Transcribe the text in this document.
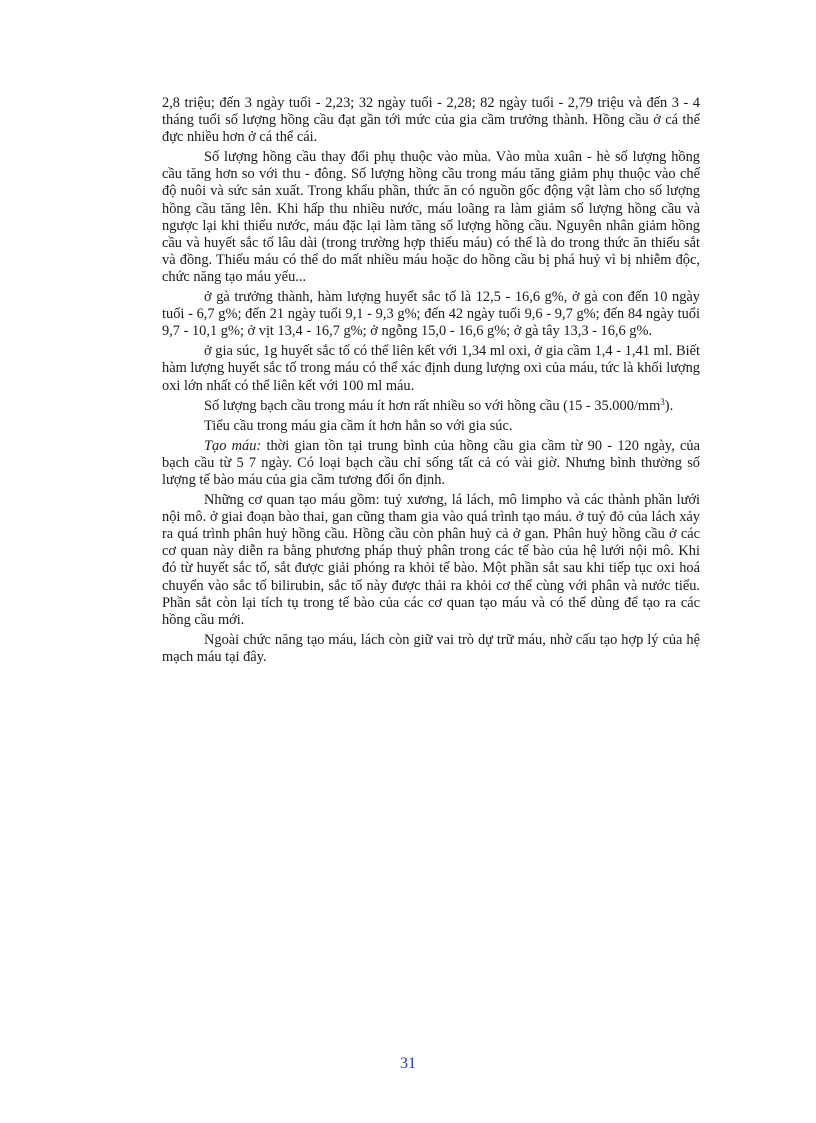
2,8 triệu; đến 3 ngày tuổi - 2,23; 32 ngày tuổi - 2,28; 82 ngày tuổi - 2,79 triệu và đến 3 - 4 tháng tuổi số lượng hồng cầu đạt gần tới mức của gia cầm trưởng thành. Hồng cầu ở cá thể đực nhiều hơn ở cá thể cái.

Số lượng hồng cầu thay đổi phụ thuộc vào mùa. Vào mùa xuân - hè số lượng hồng cầu tăng hơn so với thu - đông. Số lượng hồng cầu trong máu tăng giảm phụ thuộc vào chế độ nuôi và sức sản xuất. Trong khẩu phần, thức ăn có nguồn gốc động vật làm cho số lượng hồng cầu tăng lên. Khi hấp thu nhiều nước, máu loãng ra làm giảm số lượng hồng cầu và ngược lại khi thiếu nước, máu đặc lại làm tăng số lượng hồng cầu. Nguyên nhân giảm hồng cầu và huyết sắc tố lâu dài (trong trường hợp thiếu máu) có thể là do trong thức ăn thiếu sắt và đồng. Thiếu máu có thể do mất nhiều máu hoặc do hồng cầu bị phá huỷ vì bị nhiễm độc, chức năng tạo máu yếu...

ở gà trưởng thành, hàm lượng huyết sắc tố là 12,5 - 16,6 g%, ở gà con đến 10 ngày tuổi - 6,7 g%; đến 21 ngày tuổi 9,1 - 9,3 g%; đến 42 ngày tuổi 9,6 - 9,7 g%; đến 84 ngày tuổi 9,7 - 10,1 g%; ở vịt 13,4 - 16,7 g%; ở ngỗng 15,0 - 16,6 g%; ở gà tây 13,3 - 16,6 g%.

ở gia súc, 1g huyết sắc tố có thể liên kết với 1,34 ml oxi, ở gia cầm 1,4 - 1,41 ml. Biết hàm lượng huyết sắc tố trong máu có thể xác định dung lượng oxi của máu, tức là khối lượng oxi lớn nhất có thể liên kết với 100 ml máu.

Số lượng bạch cầu trong máu ít hơn rất nhiều so với hồng cầu $(15 - 35.000/mm^3)$.

Tiểu cầu trong máu gia cầm ít hơn hẳn so với gia súc.

Tạo máu: thời gian tồn tại trung bình của hồng cầu gia cầm từ 90 - 120 ngày, của bạch cầu từ 5 7 ngày. Có loại bạch cầu chỉ sống tất cả có vài giờ. Nhưng bình thường số lượng tế bào máu của gia cầm tương đối ổn định.

Những cơ quan tạo máu gồm: tuỷ xương, lá lách, mô limpho và các thành phần lưới nội mô. ở giai đoạn bào thai, gan cũng tham gia vào quá trình tạo máu. ở tuỷ đỏ của lách xảy ra quá trình phân huỷ hồng cầu. Hồng cầu còn phân huỷ cả ở gan. Phân huỷ hồng cầu ở các cơ quan này diễn ra bằng phương pháp thuỷ phân trong các tế bào của hệ lưới nội mô. Khi đó từ huyết sắc tố, sắt được giải phóng ra khỏi tế bào. Một phần sắt sau khi tiếp tục oxi hoá chuyển vào sắc tố bilirubin, sắc tố này được thải ra khỏi cơ thể cùng với phân và nước tiểu. Phần sắt còn lại tích tụ trong tế bào của các cơ quan tạo máu và có thể dùng để tạo ra các hồng cầu mới.

Ngoài chức năng tạo máu, lách còn giữ vai trò dự trữ máu, nhờ cấu tạo hợp lý của hệ mạch máu tại đây.

31
